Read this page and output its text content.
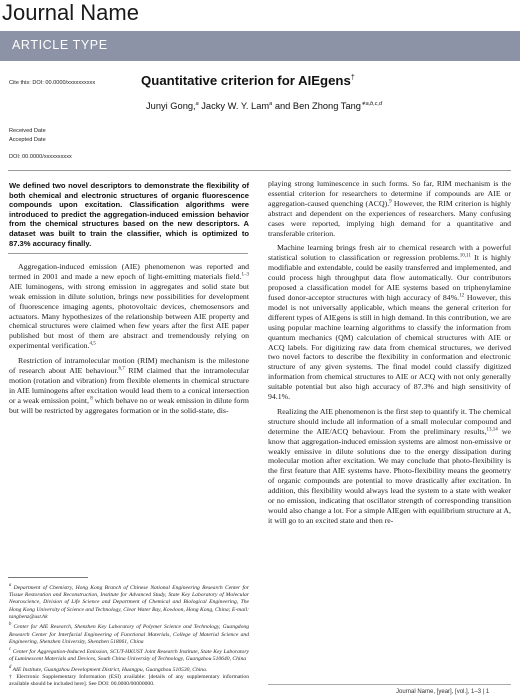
Journal Name
ARTICLE TYPE
Cite this: DOI: 00.0000/xxxxxxxxxx	Quantitative criterion for AIEgens†
Junyi Gong,$^a$ Jacky W. Y. Lam$^a$ and Ben Zhong Tang$^{∗a,b,c,d}$
Received Date
Accepted Date
DOI: 00.0000/xxxxxxxxxx
We defined two novel descriptors to demonstrate the flexibility of both chemical and electronic structures of organic fluorescence compounds upon excitation. Classification algorithms were introduced to predict the aggregation-induced emission behavior from the chemical structures based on the new descriptors. A dataset was built to train the classifier, which is optimized to 87.3% accuracy finally.

Aggregation-induced emission (AIE) phenomenon was reported and termed in 2001 and made a new epoch of light-emitting materials field.$^{1-3}$ AIE luminogens, with strong emission in aggregates and solid state but weak emission in dilute solution, brings new possibilities for development of fluorescence imaging agents, photovoltaic devices, chemosensors and actuators. Many hypothesizes of the relationship between AIE property and chemical structures were claimed when few years after the first AIE paper published but most of them are abstract and tremendously relying on experimental verification.$^{4,5}$

Restriction of intramolecular motion (RIM) mechanism is the milestone of research about AIE behaviour.$^{6,7}$ RIM claimed that the intramolecular motion (rotation and vibration) from flexible elements in chemical structure in AIE luminogens after excitation would lead them to a conical intersection or a weak emission point, $^8$ which behave no or weak emission in dilute form but will be restricted by aggregates formation or in the solid-state, dis-

playing strong luminescence in such forms. So far, RIM mechanism is the essential criterion for researchers to determine if compounds are AIE or aggregation-caused quenching (ACQ).$^9$ However, the RIM criterion is highly abstract and dependent on the experiences of researchers. Many confusing cases were reported, implying high demand for a quantitative and transferable criterion.

Machine learning brings fresh air to chemical research with a powerful statistical solution to classification or regression problems.$^{10,11}$ It is highly modifiable and extendable, could be easily transferred and implemented, and could process high throughput data flow automatically. Our contributors proposed a classification model for AIE systems based on triphenylamine fused donor-acceptor structures with high accuracy of 84%.$^{12}$ However, this model is not universally applicable, which means the general criterion for different types of AIEgens is still in high demand. In this contribution, we are using popular machine learning algorithms to classify the information from quantum mechanics (QM) calculation of chemical structures with AIE or ACQ labels. For digitizing raw data from chemical structures, we derived two novel factors to describe the flexibility in conformation and electronic structure of any given systems. The final model could classify digitized information from chemical structures to AIE or ACQ with not only generally suitable potential but also high accuracy of 87.3% and high sensitivity of 94.1%.

Realizing the AIE phenomenon is the first step to quantify it. The chemical structure should include all information of a small molecular compound and determine the AIE/ACQ behaviour. From the preliminary results,$^{13,14}$ we know that aggregation-induced emission systems are almost non-emissive or weakly emissive in dilute solutions due to the energy dissipation during molecular motion after excitation. We may conclude that photo-flexibility is the first feature that AIE systems have. Photo-flexibility means the geometry of organic compounds are potential to move drastically after excitation. In addition, this flexibility would always lead the system to a state with weaker or no emission, indicating that oscillator strength of corresponding transition would also change a lot. For a simple AIEgen with equilibrium structure at A, it will go to an excited state and then re-

$^a$ Department of Chemistry, Hong Kong Branch of Chinese National Engineering Research Center for Tissue Restoration and Reconstruction, Institute for Advanced Study, State Key Laboratory of Molecular Neuroscience, Division of Life Science and Department of Chemical and Biological Engineering, The Hong Kong University of Science and Technology, Clear Water Bay, Kowloon, Hong Kong, China; E-mail: tangbenz@ust.hk

$^b$ Center for AIE Research, Shenzhen Key Laboratory of Polymer Science and Technology, Guangdong Research Center for Interfacial Engineering of Functional Materials, College of Material Science and Engineering, Shenzhen University, Shenzhen 518061, China

$^c$ Center for Aggregation-Induced Emission, SCUT-HKUST Joint Research Institute, State Key Laboratory of Luminescent Materials and Devices, South China University of Technology, Guangzhou 510640, China

$^d$ AIE Institute, Guangzhou Development District, Huangpu, Guangzhou 510530, China.

† Electronic Supplementary Information (ESI) available: [details of any supplementary information available should be included here]. See DOI: 00.0000/00000000.

Journal Name, [year], [vol.], 1–3 | 1
